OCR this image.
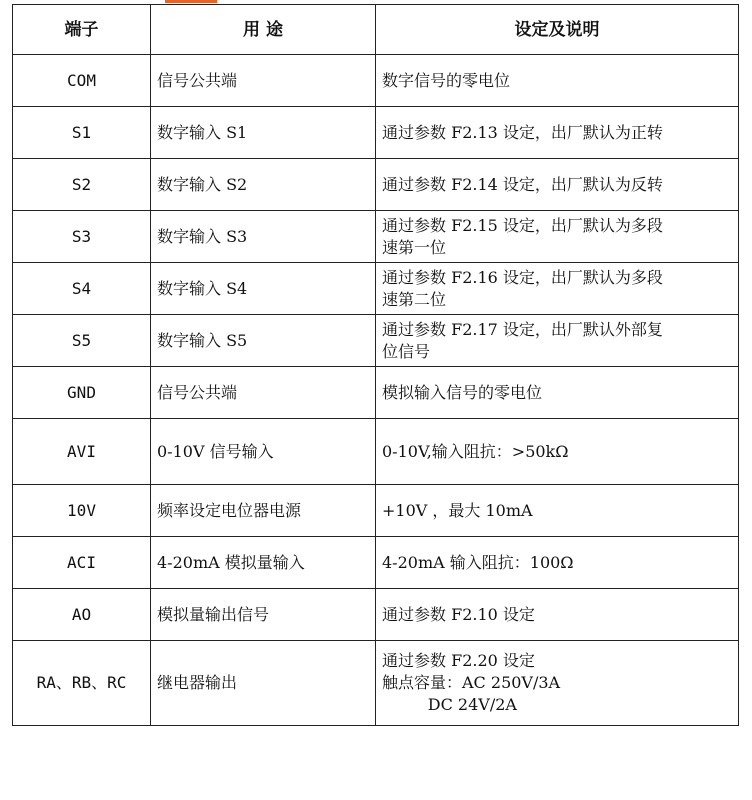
端子	用 途	设定及说明
COM	信号公共端	数字信号的零电位

S1	数字输入 S1	通过参数 F2.13 设定，出厂默认为正转

S2	数字输入 S2	通过参数 F2.14 设定，出厂默认为反转

S3	数字输入 S3	通过参数 F2.15 设定，出厂默认为多段
速第一位

S4	数字输入 S4	通过参数 F2.16 设定，出厂默认为多段
速第二位

S5	数字输入 S5	通过参数 F2.17 设定，出厂默认外部复
位信号

GND	信号公共端	模拟输入信号的零电位

AVI	0-10V 信号输入	0-10V,输入阻抗：>50kΩ

10V	频率设定电位器电源	+10V ，最大 10mA

ACI	4-20mA 模拟量输入	4-20mA 输入阻抗：100Ω

AO	模拟量输出信号	通过参数 F2.10 设定

RA、RB、RC	继电器输出	通过参数 F2.20 设定
触点容量：AC 250V/3A
DC 24V/2A
